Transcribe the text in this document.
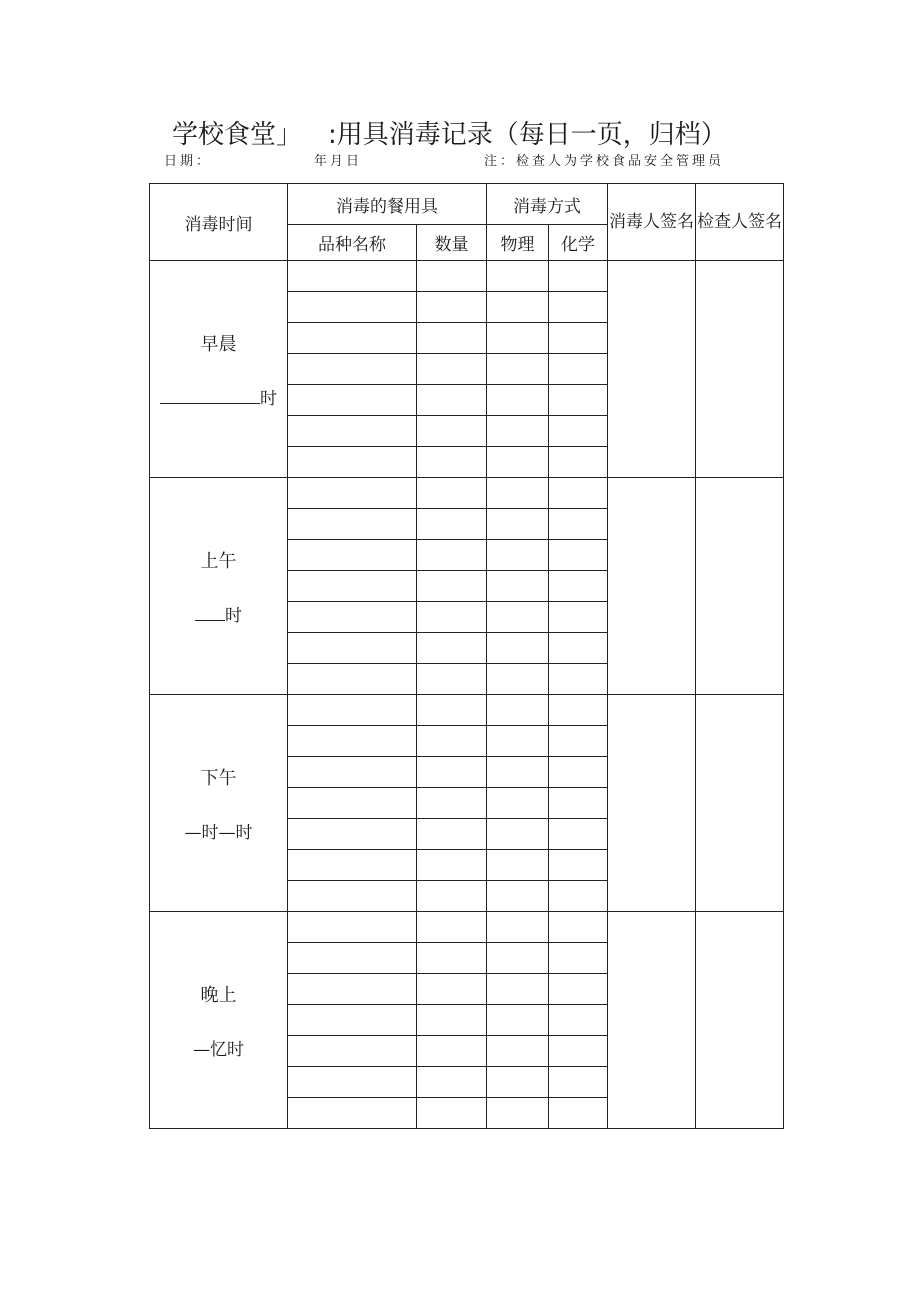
学校食堂」 :用具消毒记录（每日一页，归档）
日期：	年月日	注：检查人为学校食品安全管理员
消毒时间	消毒的餐用具		消毒方式		消毒人签名	检查人签名
	品种名称	数量	物理	化学		

早晨
时						

上午
时						

下午
—时—时						

晚上
—忆时						
